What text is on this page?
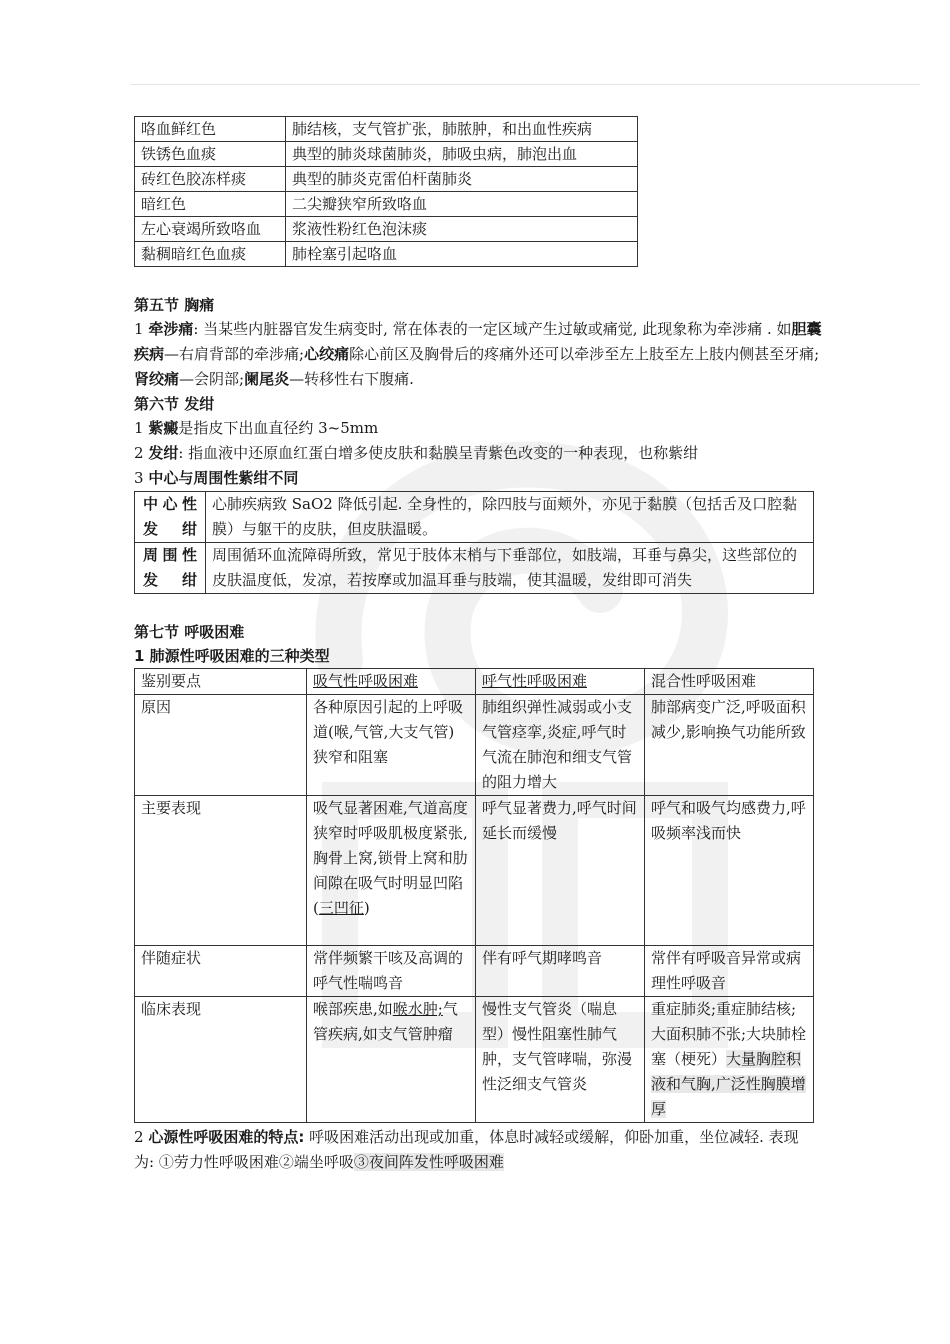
咯血鲜红色	肺结核，支气管扩张，肺脓肿，和出血性疾病
铁锈色血痰	典型的肺炎球菌肺炎，肺吸虫病，肺泡出血
砖红色胶冻样痰	典型的肺炎克雷伯杆菌肺炎
暗红色	二尖瓣狭窄所致咯血
左心衰竭所致咯血	浆液性粉红色泡沫痰
黏稠暗红色血痰	肺栓塞引起咯血
第五节 胸痛
1 牵涉痛: 当某些内脏器官发生病变时, 常在体表的一定区域产生过敏或痛觉, 此现象称为牵涉痛 . 如胆囊疾病—右肩背部的牵涉痛;心绞痛除心前区及胸骨后的疼痛外还可以牵涉至左上肢至左上肢内侧甚至牙痛;肾绞痛—会阴部;阑尾炎—转移性右下腹痛.
第六节 发绀
1 紫癜是指皮下出血直径约 3~5mm
2 发绀: 指血液中还原血红蛋白增多使皮肤和黏膜呈青紫色改变的一种表现，也称紫绀
3 中心与周围性紫绀不同
中心性发绀	心肺疾病致 SaO2 降低引起. 全身性的，除四肢与面颊外，亦见于黏膜（包括舌及口腔黏膜）与躯干的皮肤，但皮肤温暖。
周围性发绀	周围循环血流障碍所致，常见于肢体末梢与下垂部位，如肢端，耳垂与鼻尖，这些部位的皮肤温度低，发凉，若按摩或加温耳垂与肢端，使其温暖，发绀即可消失
第七节 呼吸困难
1 肺源性呼吸困难的三种类型
鉴别要点	吸气性呼吸困难	呼气性呼吸困难	混合性呼吸困难
原因	各种原因引起的上呼吸道(喉,气管,大支气管)狭窄和阻塞	肺组织弹性减弱或小支气管痉挛,炎症,呼气时气流在肺泡和细支气管的阻力增大	肺部病变广泛,呼吸面积减少,影响换气功能所致
主要表现	吸气显著困难,气道高度狭窄时呼吸肌极度紧张,胸骨上窝,锁骨上窝和肋间隙在吸气时明显凹陷(三凹征)	呼气显著费力,呼气时间延长而缓慢	呼气和吸气均感费力,呼吸频率浅而快
伴随症状	常伴频繁干咳及高调的呼气性喘鸣音	伴有呼气期哮鸣音	常伴有呼吸音异常或病理性呼吸音
临床表现	喉部疾患,如喉水肿;气管疾病,如支气管肿瘤	慢性支气管炎（喘息型）慢性阻塞性肺气肿，支气管哮喘，弥漫性泛细支气管炎	重症肺炎;重症肺结核;大面积肺不张;大块肺栓塞（梗死）大量胸腔积液和气胸,广泛性胸膜增厚
2 心源性呼吸困难的特点: 呼吸困难活动出现或加重，体息时减轻或缓解，仰卧加重，坐位减轻. 表现为: ①劳力性呼吸困难②端坐呼吸③夜间阵发性呼吸困难
